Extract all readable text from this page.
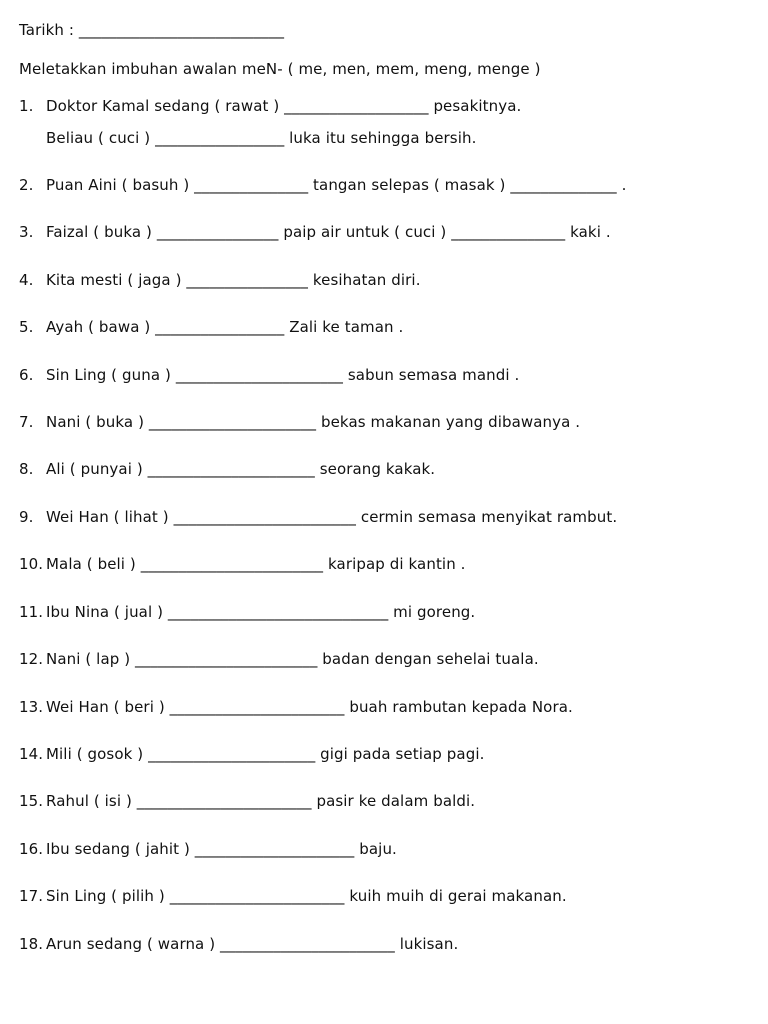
Tarikh : ___________________________
Meletakkan imbuhan awalan meN- ( me, men, mem, meng, menge )
1. Doktor Kamal sedang ( rawat ) ___________________ pesakitnya.
Beliau ( cuci ) _________________ luka itu sehingga bersih.
2. Puan Aini ( basuh ) _______________ tangan selepas ( masak ) ______________ .
3. Faizal ( buka ) ________________ paip air untuk ( cuci ) _______________ kaki .
4. Kita mesti ( jaga ) ________________ kesihatan diri.
5. Ayah ( bawa ) _________________ Zali ke taman .
6. Sin Ling ( guna ) ______________________ sabun semasa mandi .
7. Nani ( buka ) ______________________ bekas makanan yang dibawanya .
8. Ali ( punyai ) ______________________ seorang kakak.
9. Wei Han ( lihat ) ________________________ cermin semasa menyikat rambut.
10. Mala ( beli ) ________________________ karipap di kantin .
11. Ibu Nina ( jual ) _____________________________ mi goreng.
12. Nani ( lap ) ________________________ badan dengan sehelai tuala.
13. Wei Han ( beri ) _______________________ buah rambutan kepada Nora.
14. Mili ( gosok ) ______________________ gigi pada setiap pagi.
15. Rahul ( isi ) _______________________ pasir ke dalam baldi.
16. Ibu sedang ( jahit ) _____________________ baju.
17. Sin Ling ( pilih ) _______________________ kuih muih di gerai makanan.
18. Arun sedang ( warna ) _______________________ lukisan.
